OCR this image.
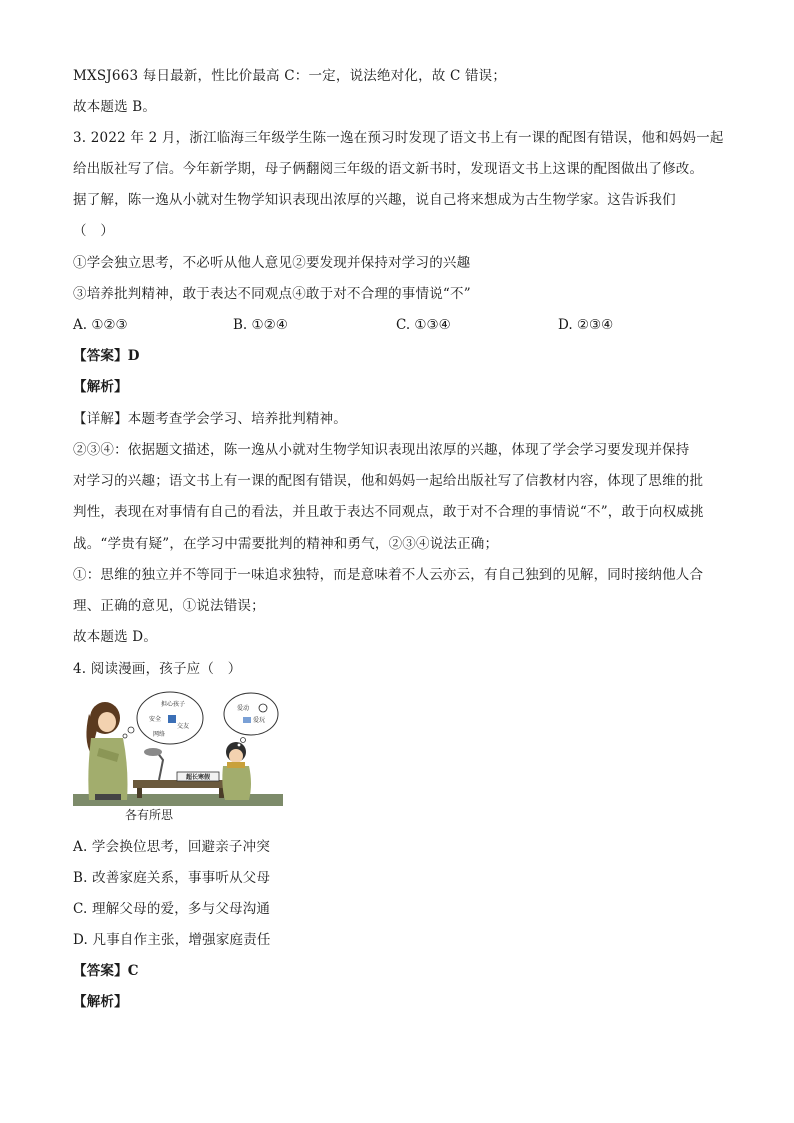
MXSJ663 每日最新，性比价最高 C：一定，说法绝对化，故 C 错误；
故本题选 B。
3. 2022 年 2 月，浙江临海三年级学生陈一逸在预习时发现了语文书上有一课的配图有错误，他和妈妈一起
给出版社写了信。今年新学期，母子俩翻阅三年级的语文新书时，发现语文书上这课的配图做出了修改。
据了解，陈一逸从小就对生物学知识表现出浓厚的兴趣，说自己将来想成为古生物学家。这告诉我们
（　）
①学会独立思考，不必听从他人意见②要发现并保持对学习的兴趣
③培养批判精神，敢于表达不同观点④敢于对不合理的事情说“不”
A. ①②③	B. ①②④	C. ①③④	D. ②③④
【答案】D
【解析】
【详解】本题考查学会学习、培养批判精神。
②③④：依据题文描述，陈一逸从小就对生物学知识表现出浓厚的兴趣，体现了学会学习要发现并保持
对学习的兴趣；语文书上有一课的配图有错误，他和妈妈一起给出版社写了信教材内容，体现了思维的批
判性，表现在对事情有自己的看法，并且敢于表达不同观点，敢于对不合理的事情说“不”，敢于向权威挑
战。“学贵有疑”，在学习中需要批判的精神和勇气，②③④说法正确；
①：思维的独立并不等同于一味追求独特，而是意味着不人云亦云，有自己独到的见解，同时接纳他人合
理、正确的意见，①说法错误；
故本题选 D。
4. 阅读漫画，孩子应（　）
超长寒假
担心孩子
安全
交友
网络
爱动
爱玩
各有所思
A. 学会换位思考，回避亲子冲突
B. 改善家庭关系，事事听从父母
C. 理解父母的爱，多与父母沟通
D. 凡事自作主张，增强家庭责任
【答案】C
【解析】
